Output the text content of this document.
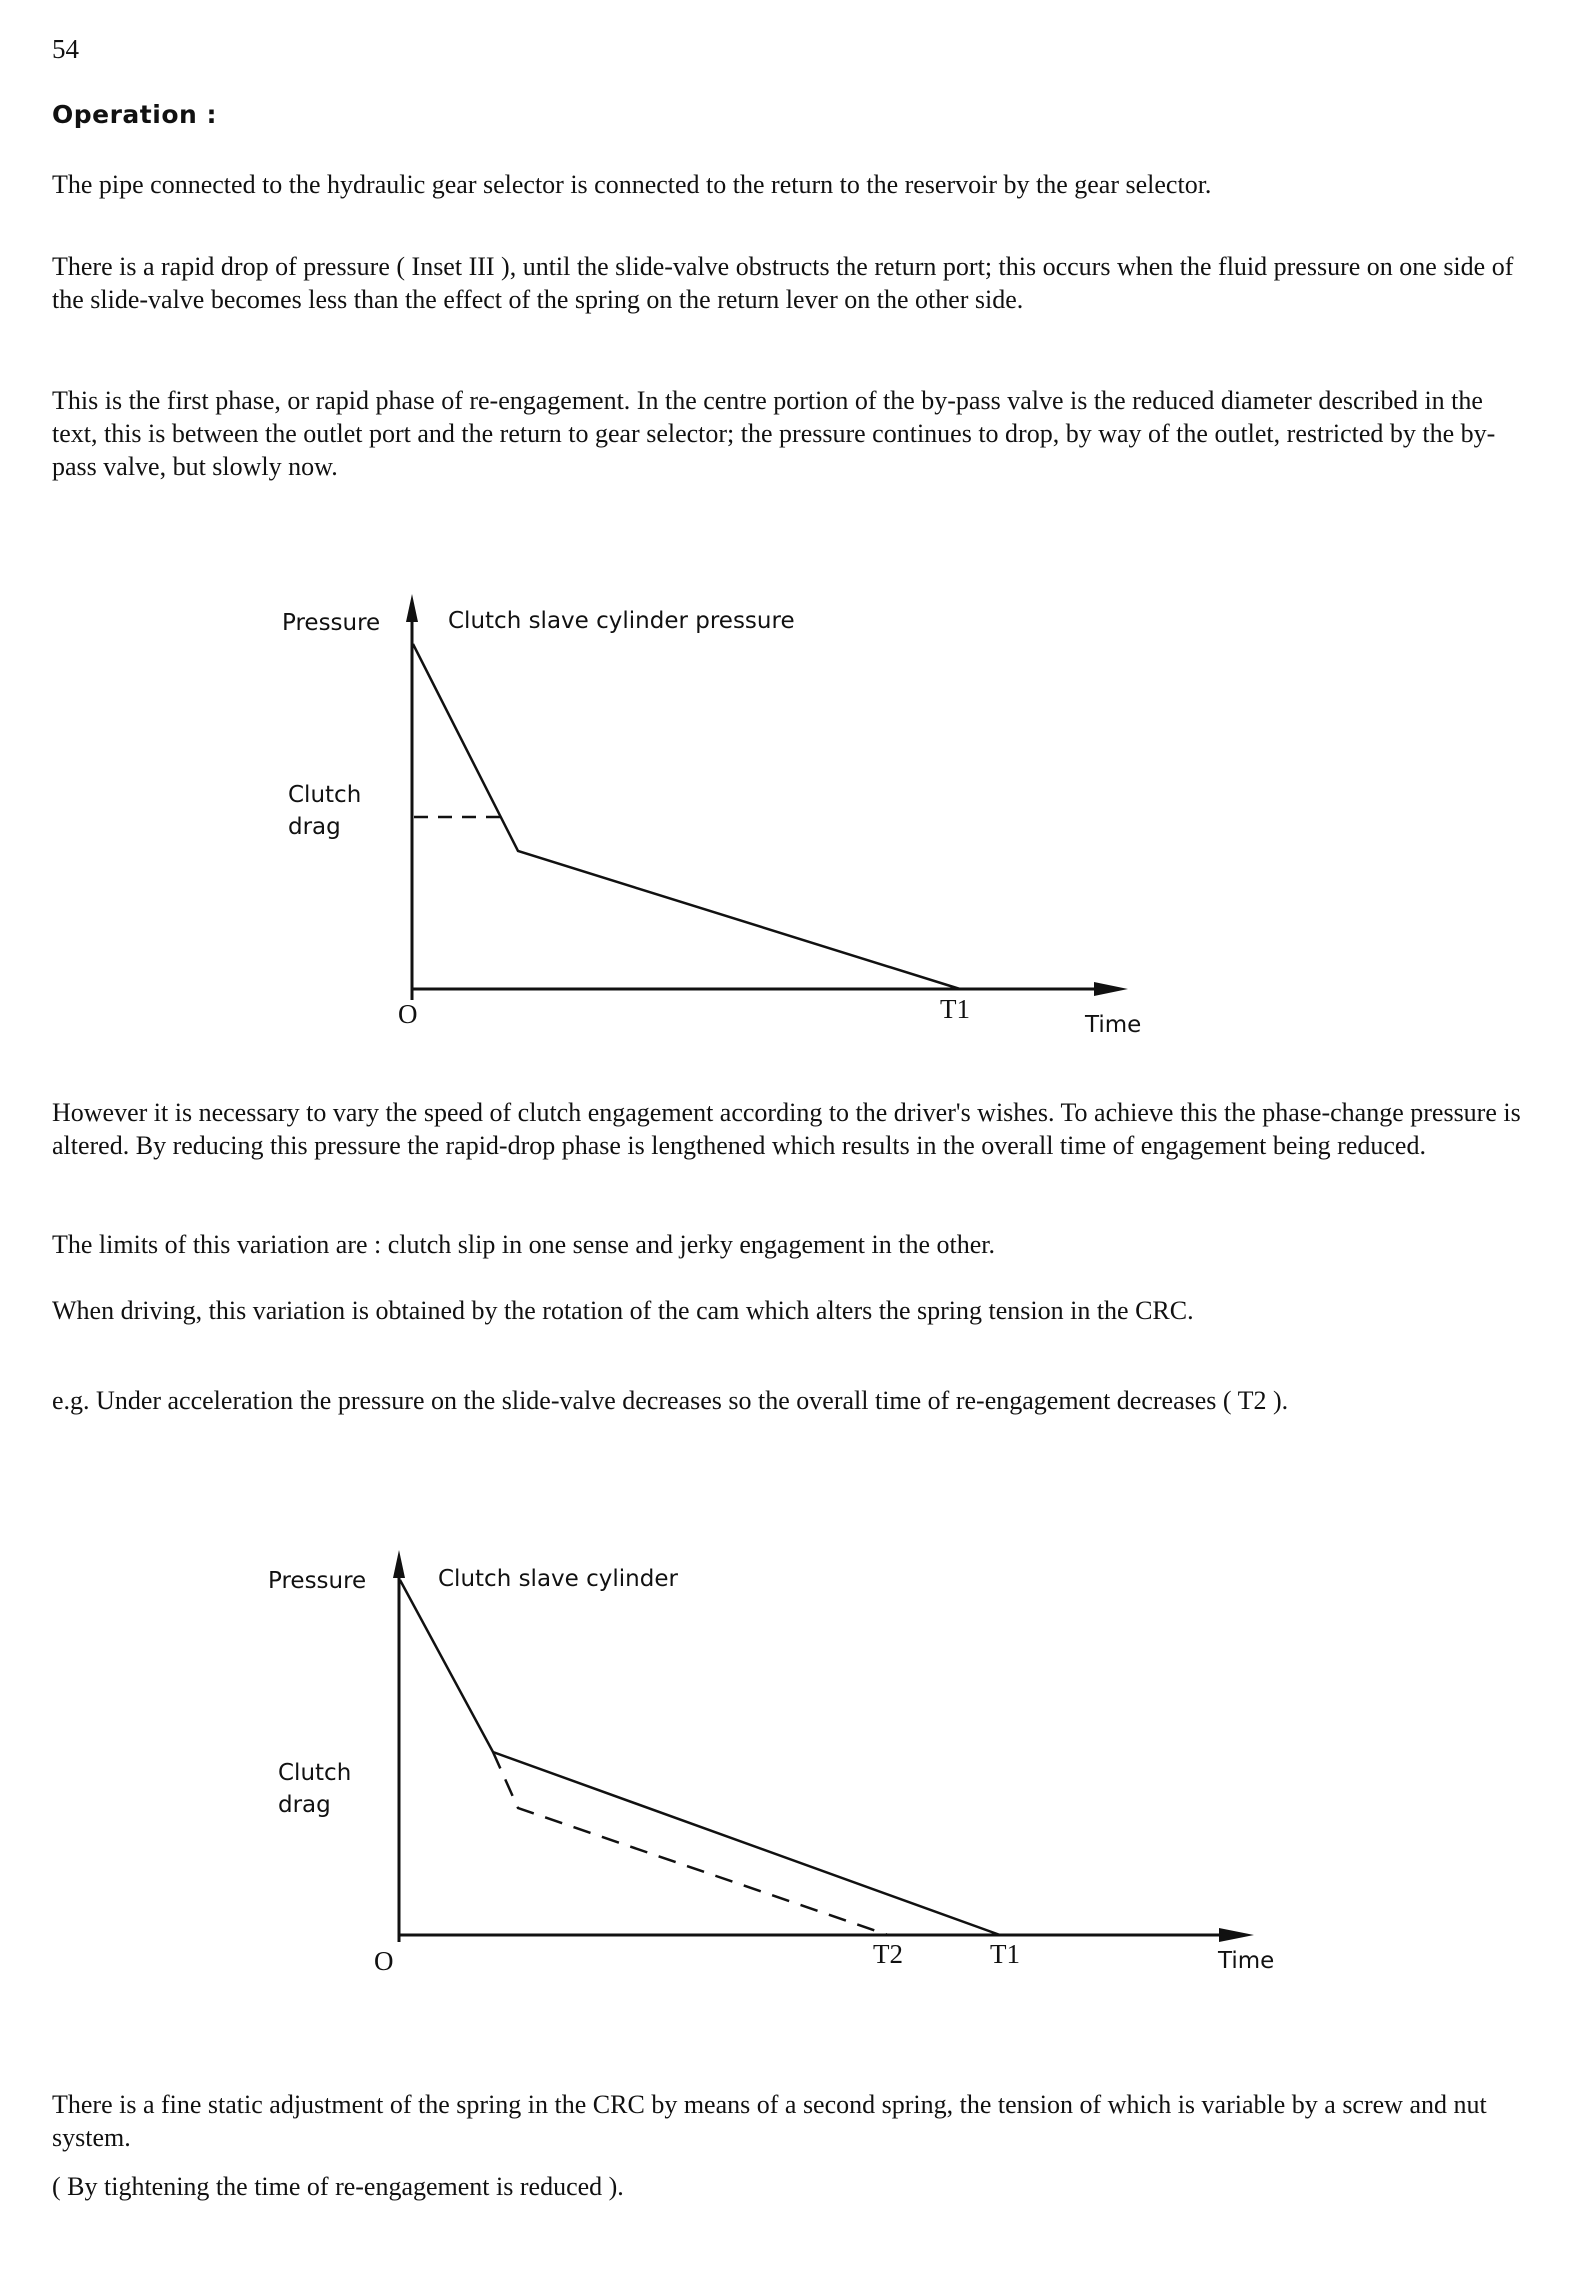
54
Operation :

The pipe connected to the hydraulic gear selector is connected to the return to the reservoir by the gear selector.

There is a rapid drop of pressure ( Inset III ), until the slide-valve obstructs the return port; this occurs when the fluid pressure on one side of the slide-valve becomes less than the effect of the spring on the return lever on the other side.

This is the first phase, or rapid phase of re-engagement. In the centre portion of the by-pass valve is the reduced diameter described in the text, this is between the outlet port and the return to gear selector; the pressure continues to drop, by way of the outlet, restricted by the by-pass valve, but slowly now.

Pressure	Clutch slave cylinder pressure
Clutch
drag
O	T1
Time

However it is necessary to vary the speed of clutch engagement according to the driver's wishes. To achieve this the phase-change pressure is altered. By reducing this pressure the rapid-drop phase is lengthened which results in the overall time of engagement being reduced.

The limits of this variation are : clutch slip in one sense and jerky engagement in the other.

When driving, this variation is obtained by the rotation of the cam which alters the spring tension in the CRC.

e.g. Under acceleration the pressure on the slide-valve decreases so the overall time of re-engagement decreases ( T2 ).

Pressure	Clutch slave cylinder
Clutch
drag
O	T2	T1	Time

There is a fine static adjustment of the spring in the CRC by means of a second spring, the tension of which is variable by a screw and nut system.

( By tightening the time of re-engagement is reduced ).
